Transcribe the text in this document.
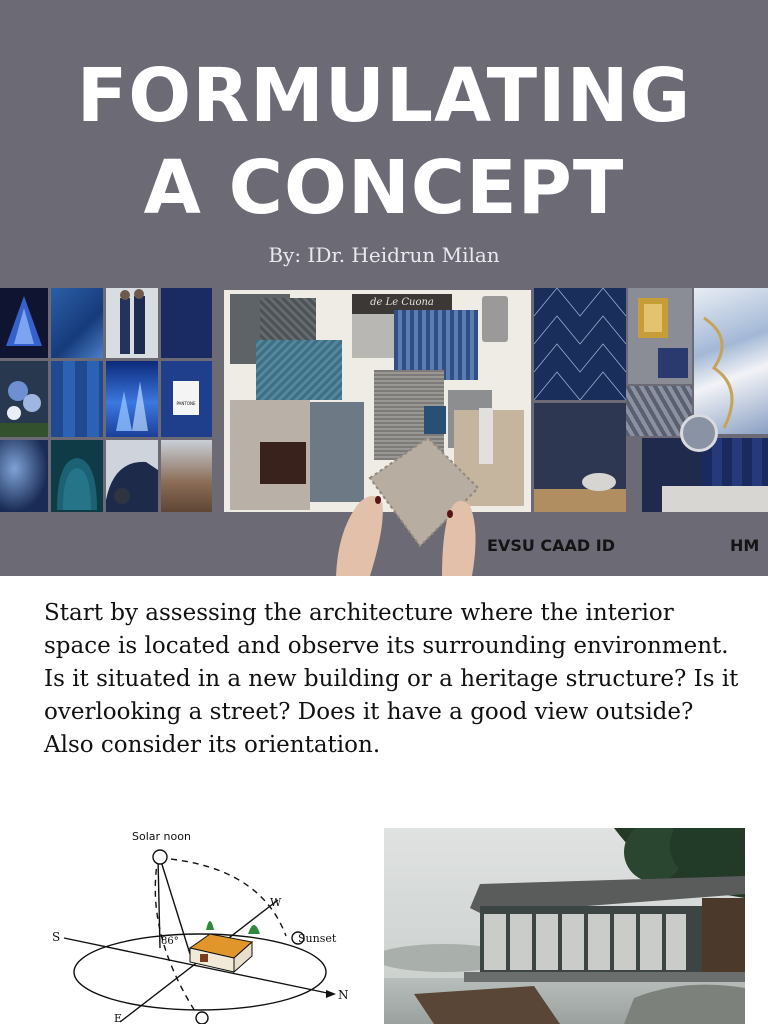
FORMULATING
A CONCEPT
By: IDr. Heidrun Milan
PANTONE
de Le Cuona
EVSU CAAD ID	HM
Start by assessing the architecture where the interior space is located and observe its surrounding environment. Is it situated in a new building or a heritage structure? Is it overlooking a street? Does it have a good view outside? Also consider its orientation.
Solar noon
W
S	Sunset
86°
N
E
